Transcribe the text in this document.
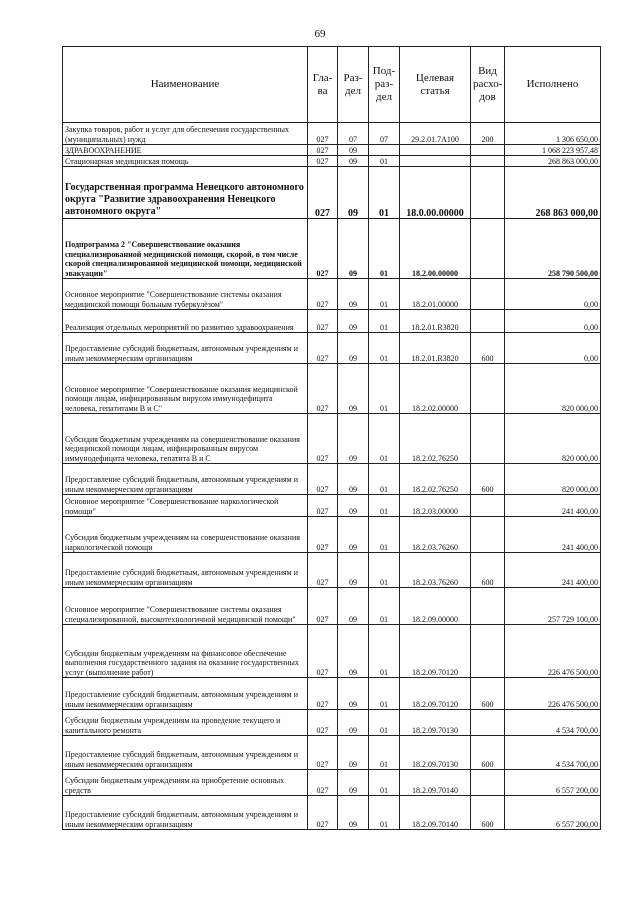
69
Наименование	Гла-ва	Раз-дел	Под-раз-дел	Целевая статья	Вид расхо-дов	Исполнено
Закупка товаров, работ и услуг для обеспечения государственных (муниципальных) нужд	027	07	07	29.2.01.7А100	200	1 306 650,00
ЗДРАВООХРАНЕНИЕ	027	09				1 068 223 957,48
Стационарная медицинская помощь	027	09	01			268 863 000,00
Государственная программа Ненецкого автономного округа "Развитие здравоохранения Ненецкого автономного округа"	027	09	01	18.0.00.00000		268 863 000,00
Подпрограмма 2 "Совершенствование оказания специализированной медицинской помощи, скорой, в том числе скорой специализированной медицинской помощи, медицинской эвакуации"	027	09	01	18.2.00.00000		258 790 500,00
Основное мероприятие "Совершенствование системы оказания медицинской помощи больным туберкулёзом"	027	09	01	18.2.01.00000		0,00
Реализация отдельных мероприятий по развитию здравоохранения	027	09	01	18.2.01.R3820		0,00
Предоставление субсидий бюджетным, автономным учреждениям и иным некоммерческим организациям	027	09	01	18.2.01.R3820	600	0,00
Основное мероприятие "Совершенствование оказания медицинской помощи лицам, инфицированным вирусом иммунодефицита человека, гепатитами В и С"	027	09	01	18.2.02.00000		820 000,00
Субсидия бюджетным учреждениям на совершенствование оказания медицинской помощи лицам, инфицированным вирусом иммунодефицита человека, гепатита В и С	027	09	01	18.2.02.76250		820 000,00
Предоставление субсидий бюджетным, автономным учреждениям и иным некоммерческим организациям	027	09	01	18.2.02.76250	600	820 000,00
Основное мероприятие "Совершенствование наркологической помощи"	027	09	01	18.2.03.00000		241 400,00
Субсидия бюджетным учреждениям на совершенствование оказания наркологической помощи	027	09	01	18.2.03.76260		241 400,00
Предоставление субсидий бюджетным, автономным учреждениям и иным некоммерческим организациям	027	09	01	18.2.03.76260	600	241 400,00
Основное мероприятие "Совершенствование системы оказания специализированной, высокотехнологичной медицинской помощи"	027	09	01	18.2.09.00000		257 729 100,00
Субсидии бюджетным учреждениям на финансовое обеспечение выполнения государственного задания на оказание государственных услуг (выполнение работ)	027	09	01	18.2.09.70120		226 476 500,00
Предоставление субсидий бюджетным, автономным учреждениям и иным некоммерческим организациям	027	09	01	18.2.09.70120	600	226 476 500,00
Субсидии бюджетным учреждениям на проведение текущего и капитального ремонта	027	09	01	18.2.09.70130		4 534 700,00
Предоставление субсидий бюджетным, автономным учреждениям и иным некоммерческим организациям	027	09	01	18.2.09.70130	600	4 534 700,00
Субсидии бюджетным учреждениям на приобретение основных средств	027	09	01	18.2.09.70140		6 557 200,00
Предоставление субсидий бюджетным, автономным учреждениям и иным некоммерческим организациям	027	09	01	18.2.09.70140	600	6 557 200,00
